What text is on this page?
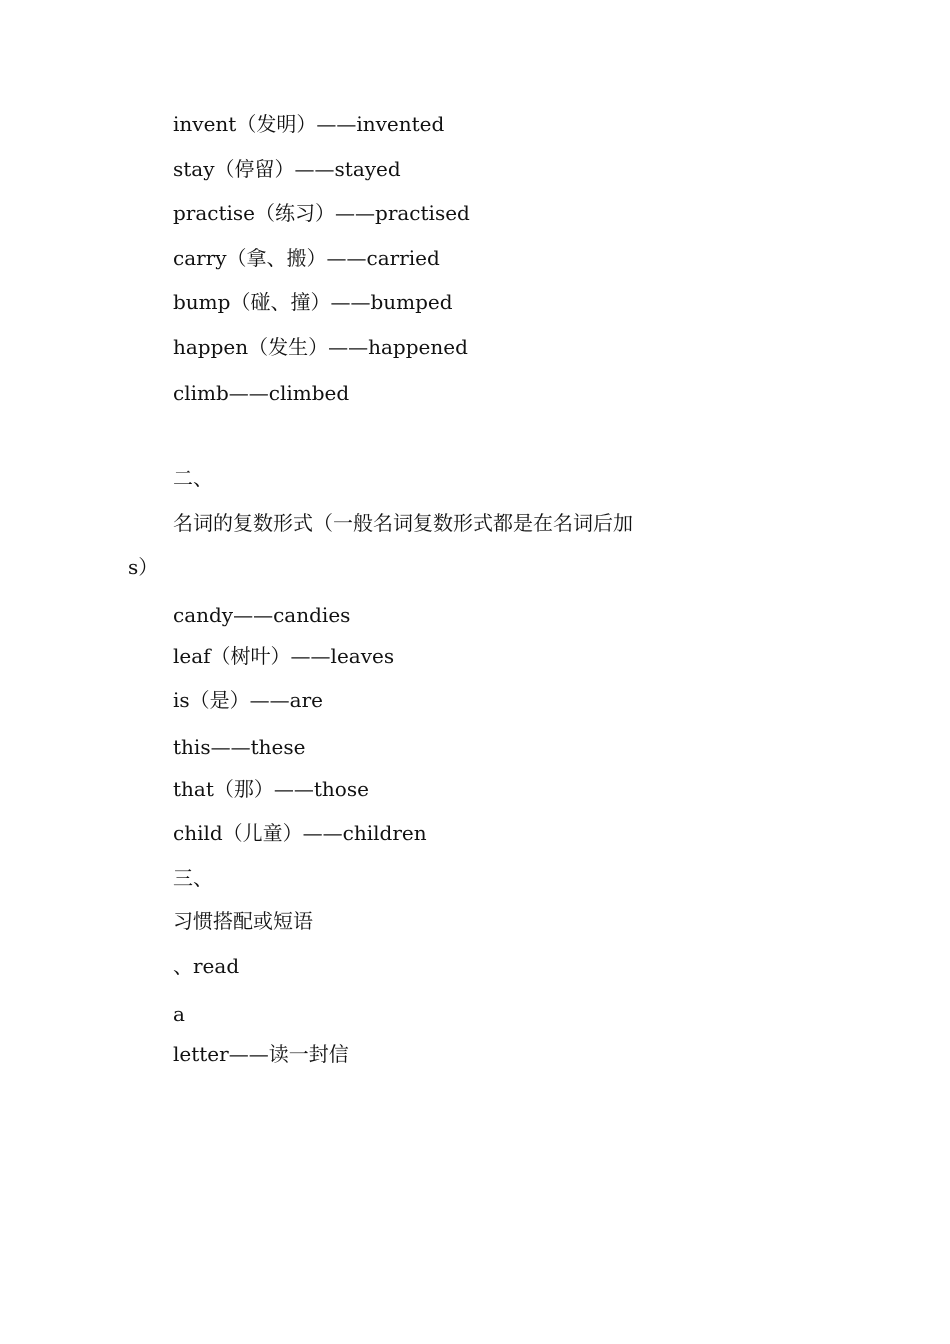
invent（发明）——invented
stay（停留）——stayed
practise（练习）——practised
carry（拿、搬）——carried
bump（碰、撞）——bumped
happen（发生）——happened
climb——climbed
二、
名词的复数形式（一般名词复数形式都是在名词后加
s）
candy——candies
leaf（树叶）——leaves
is（是）——are
this——these
that（那）——those
child（儿童）——children
三、
习惯搭配或短语
、read
a
letter——读一封信
